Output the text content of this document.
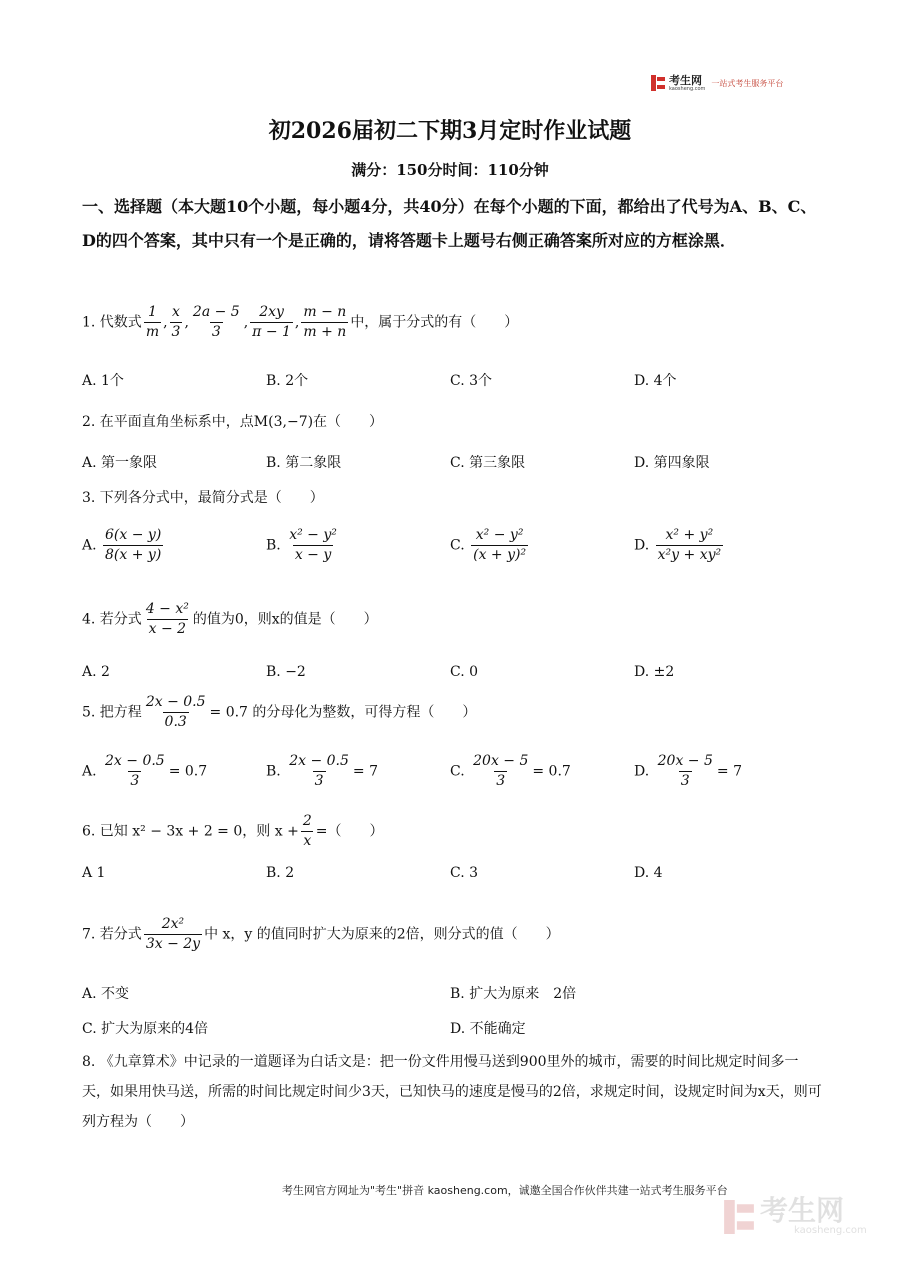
考生网
kaosheng.com
一站式考生服务平台
初2026届初二下期3月定时作业试题
满分：150分时间：110分钟
一、选择题（本大题10个小题，每小题4分，共40分）在每个小题的下面，都给出了代号为A、B、C、D的四个答案，其中只有一个是正确的，请将答题卡上题号右侧正确答案所对应的方框涂黑．
1. 代数式 $\frac{1}{m}$ , $\frac{x}{3}$ , $\frac{2a - 5}{3}$ , $\frac{2xy}{\pi - 1}$ , $\frac{m - n}{m + n}$ 中，属于分式的有（　　）
A. 1个	B. 2个	C. 3个	D. 4个
2. 在平面直角坐标系中，点M(3,−7)在（　　）
A. 第一象限	B. 第二象限	C. 第三象限	D. 第四象限
3. 下列各分式中，最简分式是（　　）
A. $\frac{6(x - y)}{8(x + y)}$	B. $\frac{\text{x² − y²}}{x - y}$	C. $\frac{\text{x² − y²}}{\text{(x + y)²}}$	D. $\frac{\text{x² + y²}}{\text{x²y + xy²}}$
4. 若分式 $\frac{\text{4 − x²}}{x - 2}$ 的值为0，则x的值是（　　）
A. 2	B. −2	C. 0	D. ±2
5. 把方程 $\frac{2x - 0.5}{0.3} = 0.7$ 的分母化为整数，可得方程（　　）
A. $\frac{2x - 0.5}{3} = 0.7$	B. $\frac{2x - 0.5}{3} = 7$	C. $\frac{20x - 5}{3} = 0.7$	D. $\frac{20x - 5}{3} = 7$
6. 已知 x² − 3x + 2 = 0，则 $x + \frac{2}{x}$ =（　　）
A 1	B. 2	C. 3	D. 4
7. 若分式 $\frac{\text{2x²}}{3x - 2y}$ 中 x，y 的值同时扩大为原来的2倍，则分式的值（　　）
A. 不变	B. 扩大为原来　2倍
C. 扩大为原来的4倍	D. 不能确定
8. 《九章算术》中记录的一道题译为白话文是：把一份文件用慢马送到900里外的城市，需要的时间比规定时间多一天，如果用快马送，所需的时间比规定时间少3天，已知快马的速度是慢马的2倍，求规定时间，设规定时间为x天，则可列方程为（　　）
考生网官方网址为"考生"拼音 kaosheng.com，诚邀全国合作伙伴共建一站式考生服务平台
考生网
kaosheng.com
